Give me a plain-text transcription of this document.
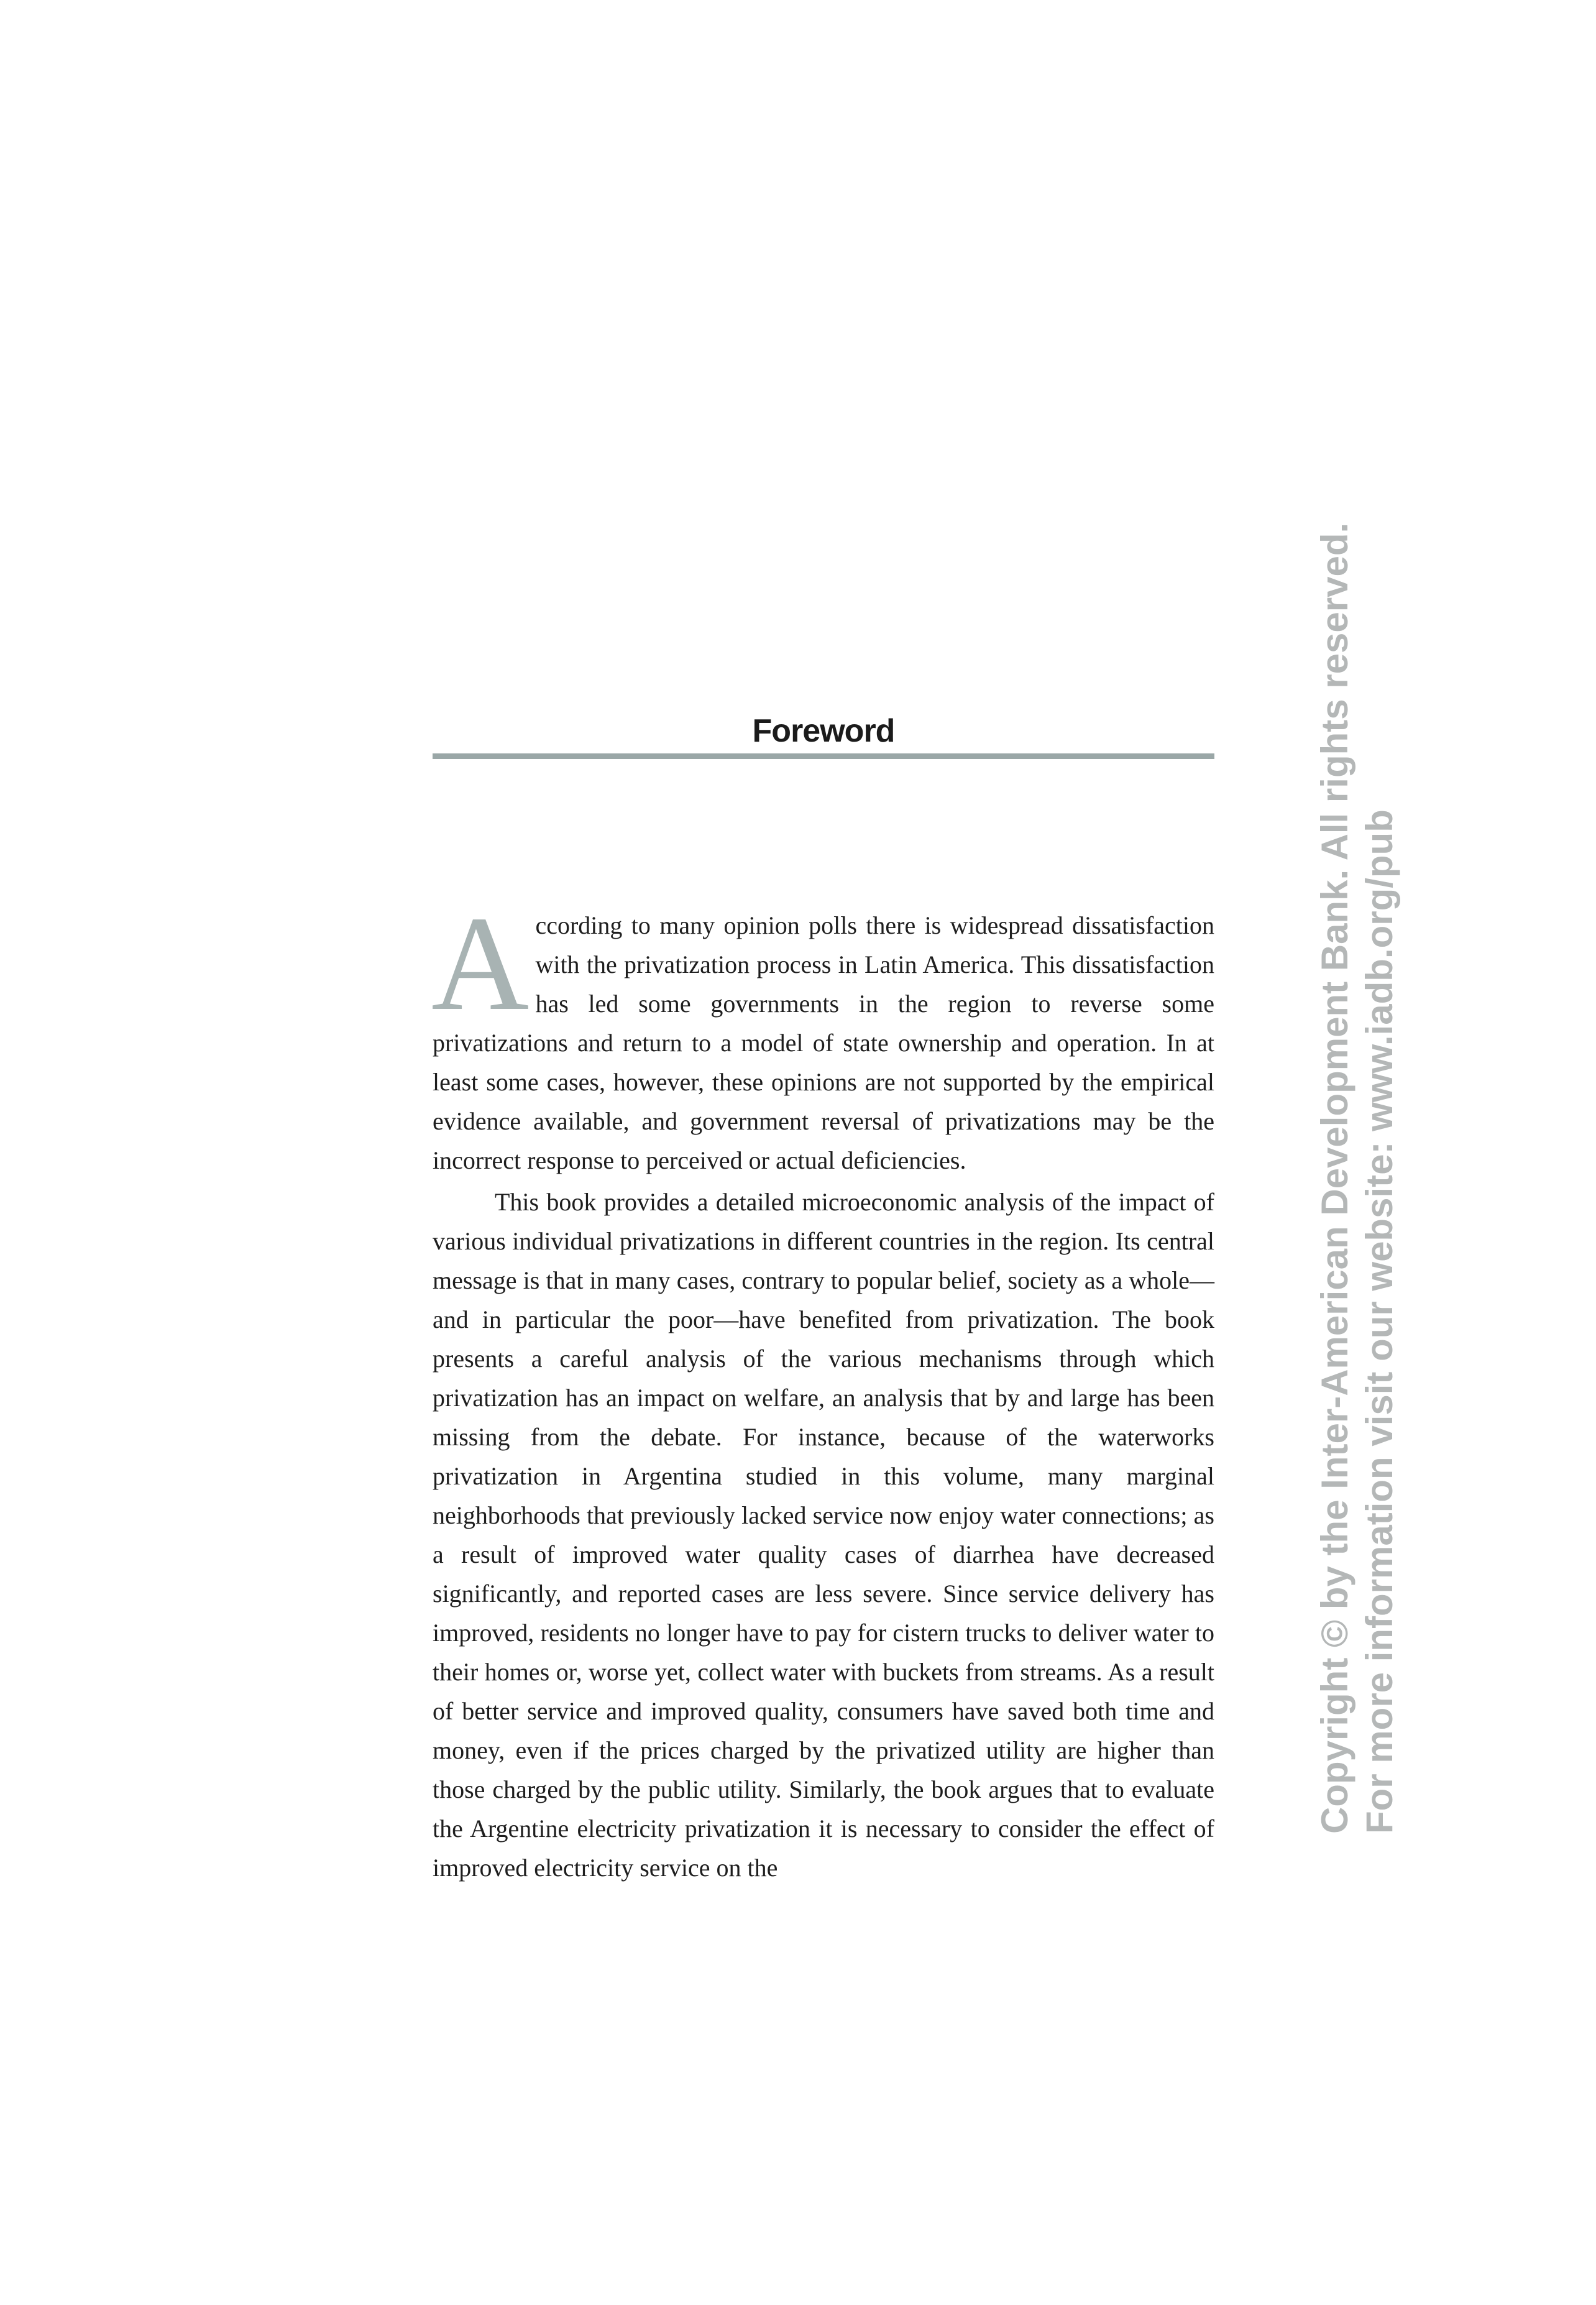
Foreword

According to many opinion polls there is widespread dissatisfaction with the privatization process in Latin America. This dissatisfaction has led some governments in the region to reverse some privatizations and return to a model of state ownership and operation. In at least some cases, however, these opinions are not supported by the empirical evidence available, and government reversal of privatizations may be the incorrect response to perceived or actual deficiencies.

This book provides a detailed microeconomic analysis of the impact of various individual privatizations in different countries in the region. Its central message is that in many cases, contrary to popular belief, society as a whole—and in particular the poor—have benefited from privatization. The book presents a careful analysis of the various mechanisms through which privatization has an impact on welfare, an analysis that by and large has been missing from the debate. For instance, because of the waterworks privatization in Argentina studied in this volume, many marginal neighborhoods that previously lacked service now enjoy water connections; as a result of improved water quality cases of diarrhea have decreased significantly, and reported cases are less severe. Since service delivery has improved, residents no longer have to pay for cistern trucks to deliver water to their homes or, worse yet, collect water with buckets from streams. As a result of better service and improved quality, consumers have saved both time and money, even if the prices charged by the privatized utility are higher than those charged by the public utility. Similarly, the book argues that to evaluate the Argentine electricity privatization it is necessary to consider the effect of improved electricity service on the

Copyright © by the Inter-American Development Bank. All rights reserved. For more information visit our website: www.iadb.org/pub
